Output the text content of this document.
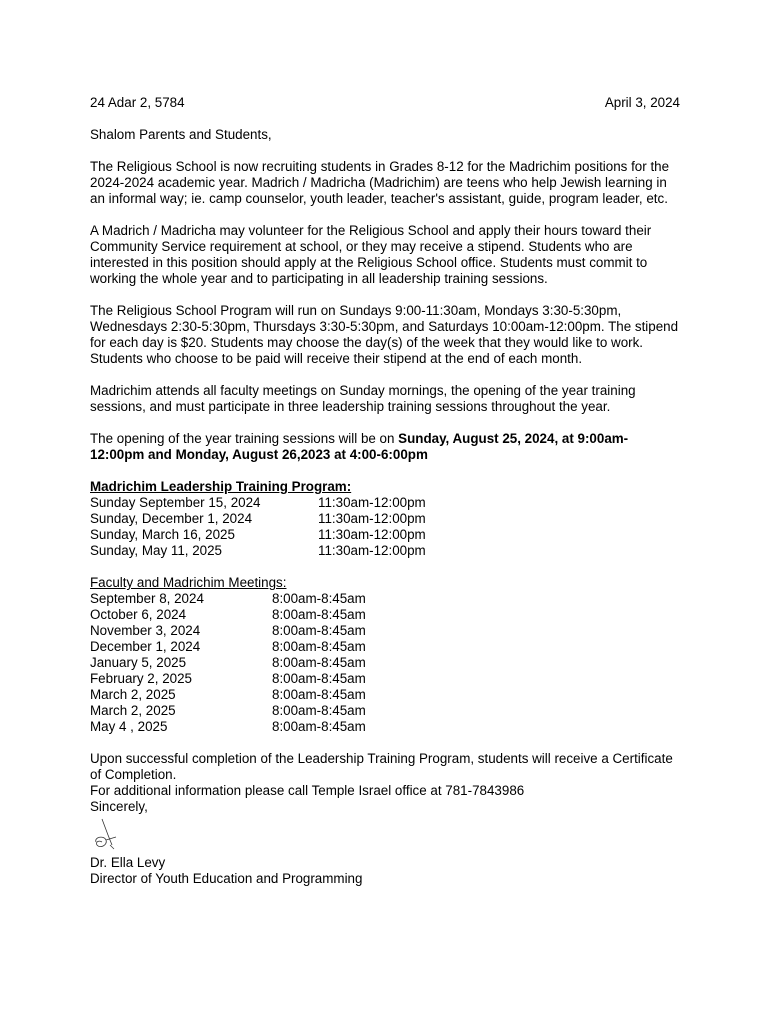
24 Adar 2, 5784	April 3, 2024

Shalom Parents and Students,

The Religious School is now recruiting students in Grades 8-12 for the Madrichim positions for the 2024-2024 academic year. Madrich / Madricha (Madrichim) are teens who help Jewish learning in an informal way; ie. camp counselor, youth leader, teacher's assistant, guide, program leader, etc.

A Madrich / Madricha may volunteer for the Religious School and apply their hours toward their Community Service requirement at school, or they may receive a stipend. Students who are interested in this position should apply at the Religious School office. Students must commit to working the whole year and to participating in all leadership training sessions.

The Religious School Program will run on Sundays 9:00-11:30am, Mondays 3:30-5:30pm, Wednesdays 2:30-5:30pm, Thursdays 3:30-5:30pm, and Saturdays 10:00am-12:00pm. The stipend for each day is $20. Students may choose the day(s) of the week that they would like to work. Students who choose to be paid will receive their stipend at the end of each month.

Madrichim attends all faculty meetings on Sunday mornings, the opening of the year training sessions, and must participate in three leadership training sessions throughout the year.

The opening of the year training sessions will be on Sunday, August 25, 2024, at 9:00am-12:00pm and Monday, August 26,2023 at 4:00-6:00pm

Madrichim Leadership Training Program:
Sunday September 15, 2024	11:30am-12:00pm
Sunday, December 1, 2024	11:30am-12:00pm
Sunday, March 16, 2025	11:30am-12:00pm
Sunday, May 11, 2025	11:30am-12:00pm
Faculty and Madrichim Meetings:
September 8, 2024	8:00am-8:45am
October 6, 2024	8:00am-8:45am
November 3, 2024	8:00am-8:45am
December 1, 2024	8:00am-8:45am
January 5, 2025	8:00am-8:45am
February 2, 2025	8:00am-8:45am
March 2, 2025	8:00am-8:45am
March 2, 2025	8:00am-8:45am
May 4 , 2025	8:00am-8:45am

Upon successful completion of the Leadership Training Program, students will receive a Certificate of Completion.

For additional information please call Temple Israel office at 781-7843986
Sincerely,
Dr. Ella Levy
Director of Youth Education and Programming
